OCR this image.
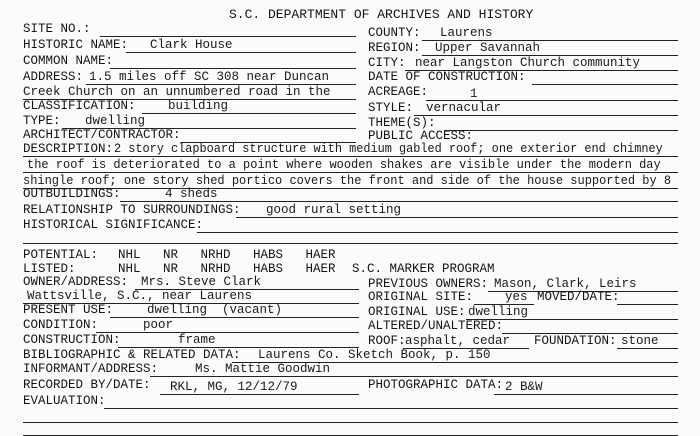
S.C. DEPARTMENT OF ARCHIVES AND HISTORY
SITE NO.:	COUNTY: Laurens
HISTORIC NAME: Clark House	REGION: Upper Savannah
COMMON NAME:	CITY: near Langston Church community
ADDRESS: 1.5 miles off SC 308 near Duncan	DATE OF CONSTRUCTION:
Creek Church on an unnumbered road in the	ACREAGE:	1
CLASSIFICATION:	building	STYLE: vernacular
TYPE: dwelling	THEME(S):
ARCHITECT/CONTRACTOR:	PUBLIC ACCESS:
DESCRIPTION: 2 story clapboard structure with medium gabled roof; one exterior end chimney
the roof is deteriorated to a point where wooden shakes are visible under the modern day
shingle roof; one story shed portico covers the front and side of the house supported by 8
OUTBUILDINGS:	4 sheds
RELATIONSHIP TO SURROUNDINGS: good rural setting
HISTORICAL SIGNIFICANCE:
POTENTIAL: NHL   NR   NRHD   HABS   HAER
LISTED:	NHL   NR   NRHD   HABS   HAER S.C. MARKER PROGRAM
OWNER/ADDRESS: Mrs. Steve Clark	PREVIOUS OWNERS: Mason, Clark, Leirs
Wattsville, S.C., near Laurens	ORIGINAL SITE:	yes MOVED/DATE:
PRESENT USE:	dwelling  (vacant)	ORIGINAL USE: dwelling
CONDITION:	poor	ALTERED/UNALTERED:
CONSTRUCTION:	frame	ROOF: asphalt, cedar FOUNDATION: stone
BIBLIOGRAPHIC & RELATED DATA: Laurens Co. Sketch Book, p. 150
INFORMANT/ADDRESS:	Ms. Mattie Goodwin
RECORDED BY/DATE: RKL, MG, 12/12/79	PHOTOGRAPHIC DATA: 2 B&W
EVALUATION:
